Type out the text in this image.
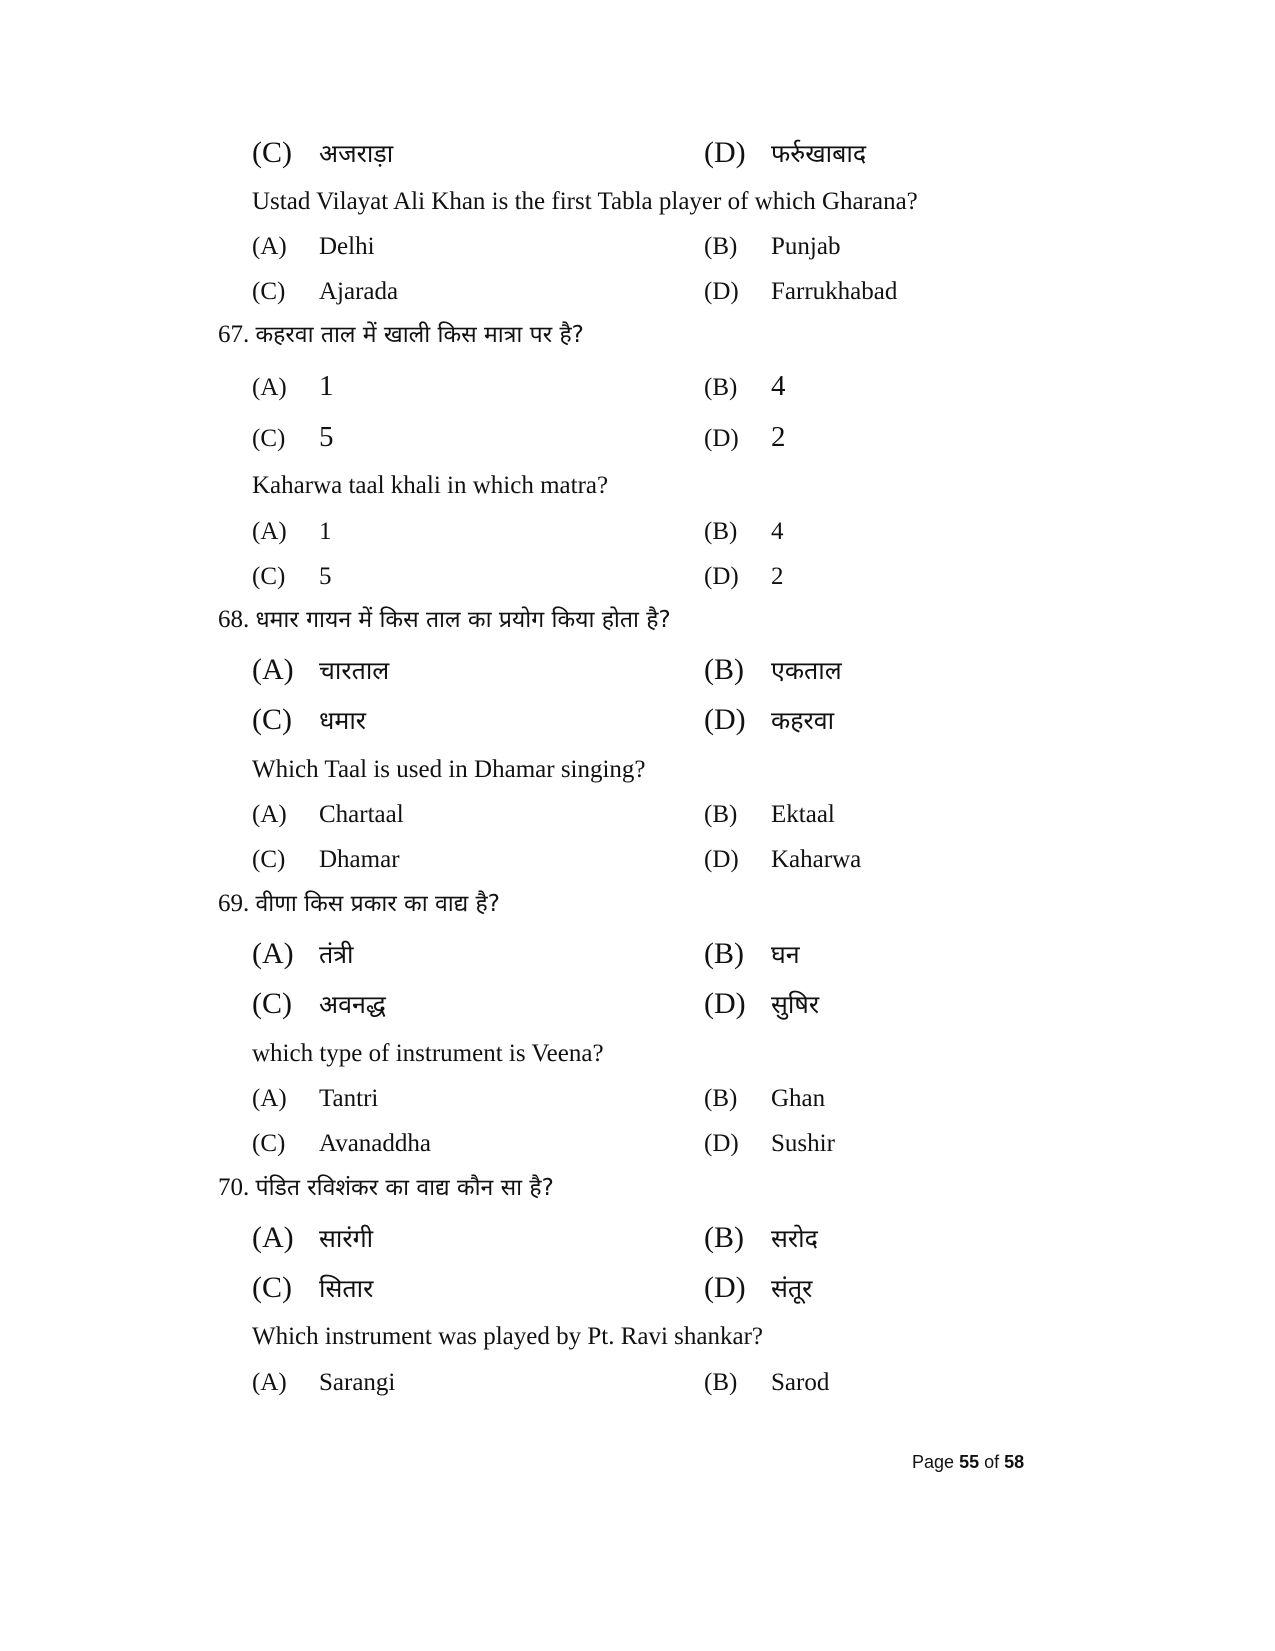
(C) अजराड़ा	(D) फर्रुखाबाद
Ustad Vilayat Ali Khan is the first Tabla player of which Gharana?
(A) Delhi	(B) Punjab
(C) Ajarada	(D) Farrukhabad
67. कहरवा ताल में खाली किस मात्रा पर है?
(A) 1	(B) 4
(C) 5	(D) 2
Kaharwa taal khali in which matra?
(A) 1	(B) 4
(C) 5	(D) 2
68. धमार गायन में किस ताल का प्रयोग किया होता है?
(A) चारताल	(B) एकताल
(C) धमार	(D) कहरवा
Which Taal is used in Dhamar singing?
(A) Chartaal	(B) Ektaal
(C) Dhamar	(D) Kaharwa
69. वीणा किस प्रकार का वाद्य है?
(A) तंत्री	(B) घन
(C) अवनद्ध	(D) सुषिर
which type of instrument is Veena?
(A) Tantri	(B) Ghan
(C) Avanaddha	(D) Sushir
70. पंडित रविशंकर का वाद्य कौन सा है?
(A) सारंगी	(B) सरोद
(C) सितार	(D) संतूर
Which instrument was played by Pt. Ravi shankar?
(A) Sarangi	(B) Sarod
Page 55 of 58
